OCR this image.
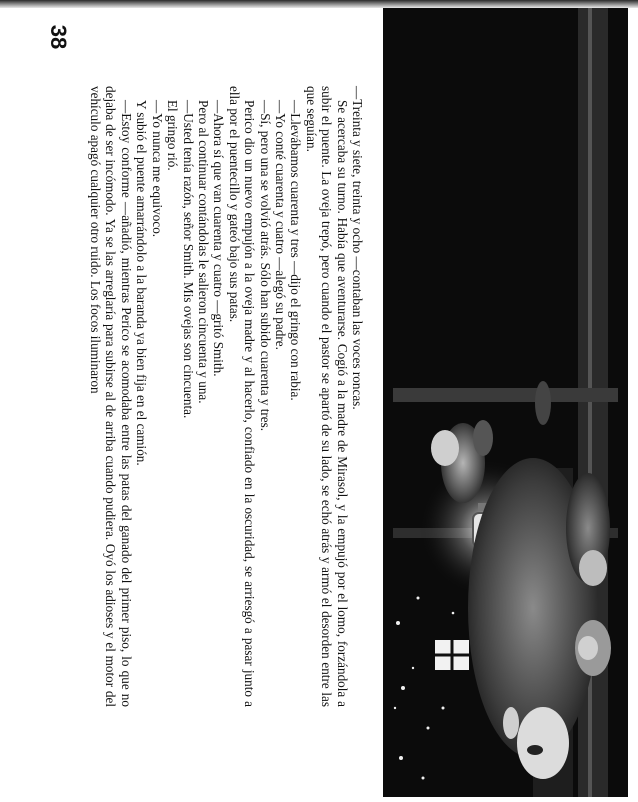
—Treinta y siete, treinta y ocho —contaban las voces roncas.

Se acercaba su turno. Había que aventurarse. Cogió a la madre de Mirasol, y la empujó por el lomo, forzándola a subir el puente. La oveja trepó, pero cuando el pastor se apartó de su lado, se echó atrás y armó el desorden entre las que seguían.

—Llevábamos cuarenta y tres —dijo el gringo con rabia.

—Yo conté cuarenta y cuatro —alegó su padre.

—Sí, pero una se volvió atrás. Sólo han subido cuarenta y tres.

Perico dio un nuevo empujón a la oveja madre y al hacerlo, confiado en la oscuridad, se arriesgó a pasar junto a ella por el puentecillo y gateó bajo sus patas.

—Ahora sí que van cuarenta y cuatro —gritó Smith.

Pero al continuar contándolas le salieron cincuenta y una.

—Usted tenía razón, señor Smith. Mis ovejas son cincuenta.

El gringo rió.

—Yo nunca me equivoco.

Y subió el puente amarrándolo a la baranda ya bien fija en el camión.

—Estoy conforme —añadió, mientras Perico se acomodaba entre las patas del ganado del primer piso, lo que no dejaba de ser incómodo. Ya se las arreglaría para subirse al de arriba cuando pudiera. Oyó los adioses y el motor del vehículo apagó cualquier otro ruido. Los focos iluminaron

38
